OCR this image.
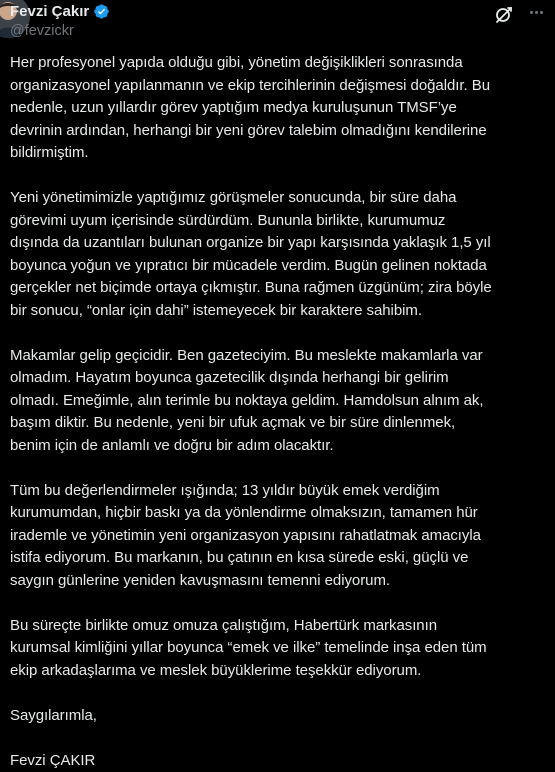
Fevzi Çakır
@fevzickr

Her profesyonel yapıda olduğu gibi, yönetim değişiklikleri sonrasında
organizasyonel yapılanmanın ve ekip tercihlerinin değişmesi doğaldır. Bu
nedenle, uzun yıllardır görev yaptığım medya kuruluşunun TMSF’ye
devrinin ardından, herhangi bir yeni görev talebim olmadığını kendilerine
bildirmiştim.

Yeni yönetimimizle yaptığımız görüşmeler sonucunda, bir süre daha
görevimi uyum içerisinde sürdürdüm. Bununla birlikte, kurumumuz
dışında da uzantıları bulunan organize bir yapı karşısında yaklaşık 1,5 yıl
boyunca yoğun ve yıpratıcı bir mücadele verdim. Bugün gelinen noktada
gerçekler net biçimde ortaya çıkmıştır. Buna rağmen üzgünüm; zira böyle
bir sonucu, “onlar için dahi” istemeyecek bir karaktere sahibim.

Makamlar gelip geçicidir. Ben gazeteciyim. Bu meslekte makamlarla var
olmadım. Hayatım boyunca gazetecilik dışında herhangi bir gelirim
olmadı. Emeğimle, alın terimle bu noktaya geldim. Hamdolsun alnım ak,
başım diktir. Bu nedenle, yeni bir ufuk açmak ve bir süre dinlenmek,
benim için de anlamlı ve doğru bir adım olacaktır.

Tüm bu değerlendirmeler ışığında; 13 yıldır büyük emek verdiğim
kurumumdan, hiçbir baskı ya da yönlendirme olmaksızın, tamamen hür
irademle ve yönetimin yeni organizasyon yapısını rahatlatmak amacıyla
istifa ediyorum. Bu markanın, bu çatının en kısa sürede eski, güçlü ve
saygın günlerine yeniden kavuşmasını temenni ediyorum.

Bu süreçte birlikte omuz omuza çalıştığım, Habertürk markasının
kurumsal kimliğini yıllar boyunca “emek ve ilke” temelinde inşa eden tüm
ekip arkadaşlarıma ve meslek büyüklerime teşekkür ediyorum.

Saygılarımla,

Fevzi ÇAKIR
